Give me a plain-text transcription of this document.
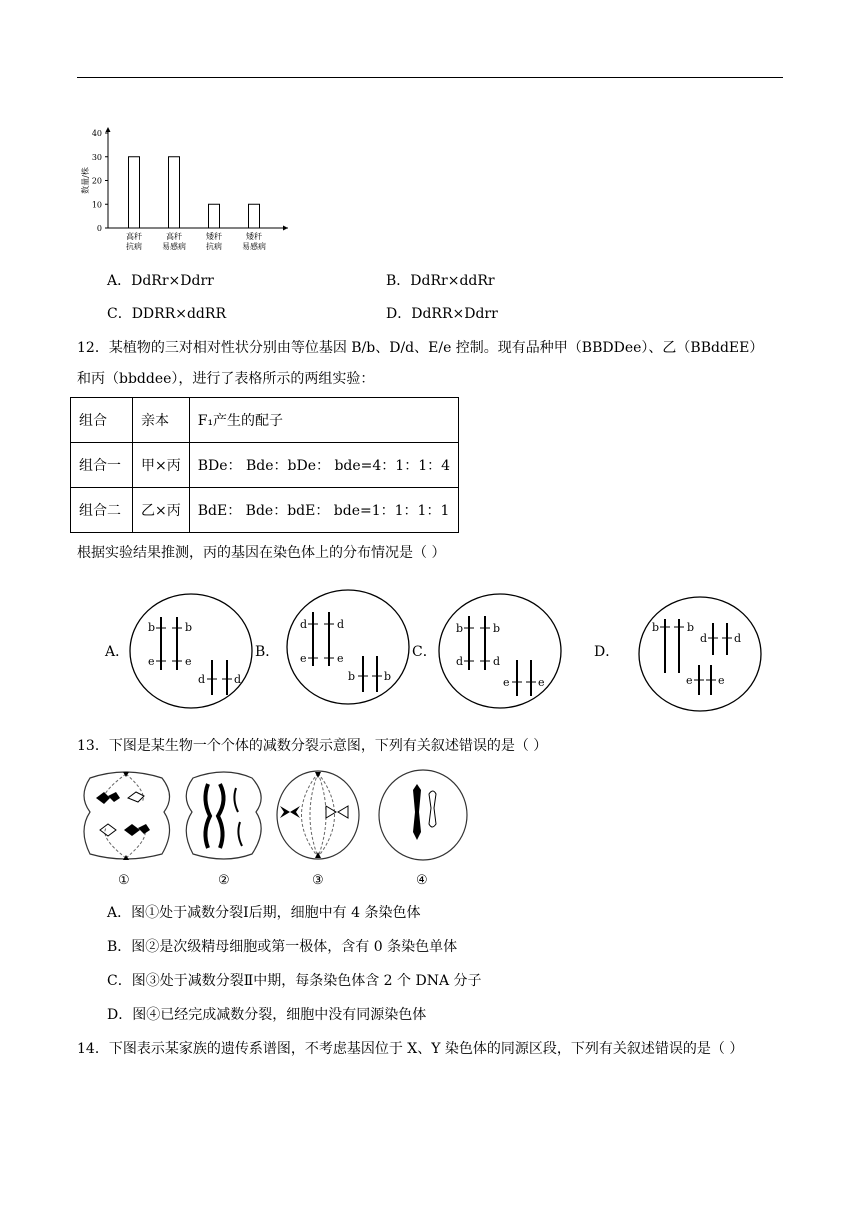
0
10
20
30
40
数量/株
高秆
抗病
高秆
易感病
矮秆
抗病
矮秆
易感病
A．DdRr×Ddrr	B．DdRr×ddRr
C．DDRR×ddRR	D．DdRR×Ddrr
12．某植物的三对相对性状分别由等位基因 B/b、D/d、E/e 控制。现有品种甲（BBDDee）、乙（BBddEE）
和丙（bbddee），进行了表格所示的两组实验：
组合	亲本	F₁产生的配子
组合一	甲×丙	BDe： Bde：bDe： bde=4：1：1：4
组合二	乙×丙	BdE： Bde：bdE： bde=1：1：1：1
根据实验结果推测，丙的基因在染色体上的分布情况是（ ）
A．	B．	C．	D．
b	b
e	e
d	d
d	d
e	e
b	b
b	b
d	d
e	e
b	b
d d
e e
13．下图是某生物一个个体的减数分裂示意图，下列有关叙述错误的是（ ）
①	②	③	④
A．图①处于减数分裂Ⅰ后期，细胞中有 4 条染色体
B．图②是次级精母细胞或第一极体，含有 0 条染色单体
C．图③处于减数分裂Ⅱ中期，每条染色体含 2 个 DNA 分子
D．图④已经完成减数分裂，细胞中没有同源染色体
14．下图表示某家族的遗传系谱图，不考虑基因位于 X、Y 染色体的同源区段，下列有关叙述错误的是（ ）
